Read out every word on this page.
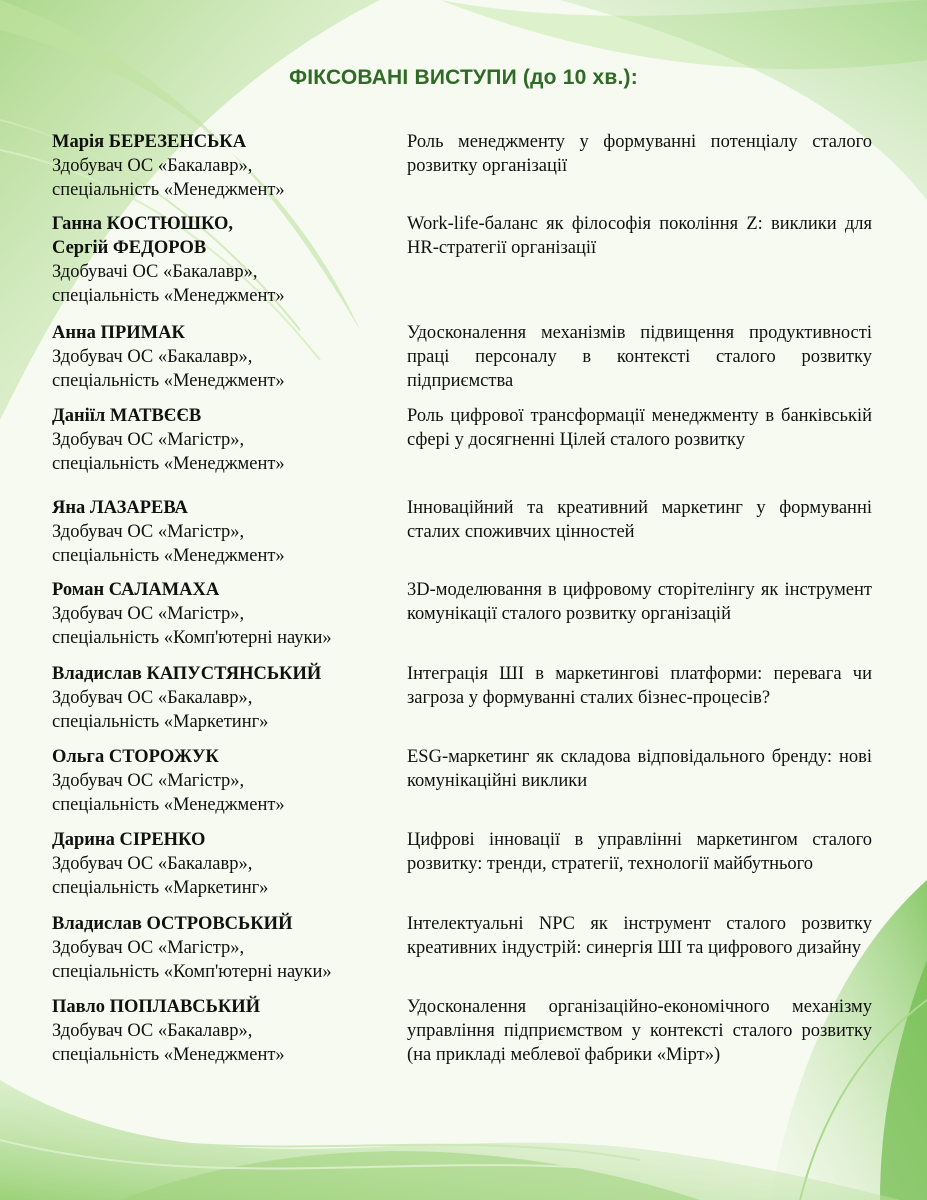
ФІКСОВАНІ ВИСТУПИ (до 10 хв.):
Марія БЕРЕЗЕНСЬКА
Здобувач ОС «Бакалавр»,
спеціальність «Менеджмент»
Роль менеджменту у формуванні потенціалу сталого розвитку організації
Ганна КОСТЮШКО,
Сергій ФЕДОРОВ
Здобувачі ОС «Бакалавр»,
спеціальність «Менеджмент»
Work-life-баланс як філософія покоління Z: виклики для HR-стратегії організації
Анна ПРИМАК
Здобувач ОС «Бакалавр»,
спеціальність «Менеджмент»
Удосконалення механізмів підвищення продуктивності праці персоналу в контексті сталого розвитку підприємства
Даніїл МАТВЄЄВ
Здобувач ОС «Магістр»,
спеціальність «Менеджмент»
Роль цифрової трансформації менеджменту в банківській сфері у досягненні Цілей сталого розвитку
Яна ЛАЗАРЕВА
Здобувач ОС «Магістр»,
спеціальність «Менеджмент»
Інноваційний та креативний маркетинг у формуванні сталих споживчих цінностей
Роман САЛАМАХА
Здобувач ОС «Магістр»,
спеціальність «Комп'ютерні науки»
3D-моделювання в цифровому сторітелінгу як інструмент комунікації сталого розвитку організацій
Владислав КАПУСТЯНСЬКИЙ
Здобувач ОС «Бакалавр»,
спеціальність «Маркетинг»
Інтеграція ШІ в маркетингові платформи: перевага чи загроза у формуванні сталих бізнес-процесів?
Ольга СТОРОЖУК
Здобувач ОС «Магістр»,
спеціальність «Менеджмент»
ESG-маркетинг як складова відповідального бренду: нові комунікаційні виклики
Дарина СІРЕНКО
Здобувач ОС «Бакалавр»,
спеціальність «Маркетинг»
Цифрові інновації в управлінні маркетингом сталого розвитку: тренди, стратегії, технології майбутнього
Владислав ОСТРОВСЬКИЙ
Здобувач ОС «Магістр»,
спеціальність «Комп'ютерні науки»
Інтелектуальні NPC як інструмент сталого розвитку креативних індустрій: синергія ШІ та цифрового дизайну
Павло ПОПЛАВСЬКИЙ
Здобувач ОС «Бакалавр»,
спеціальність «Менеджмент»
Удосконалення організаційно-економічного механізму управління підприємством у контексті сталого розвитку (на прикладі меблевої фабрики «Мірт»)
